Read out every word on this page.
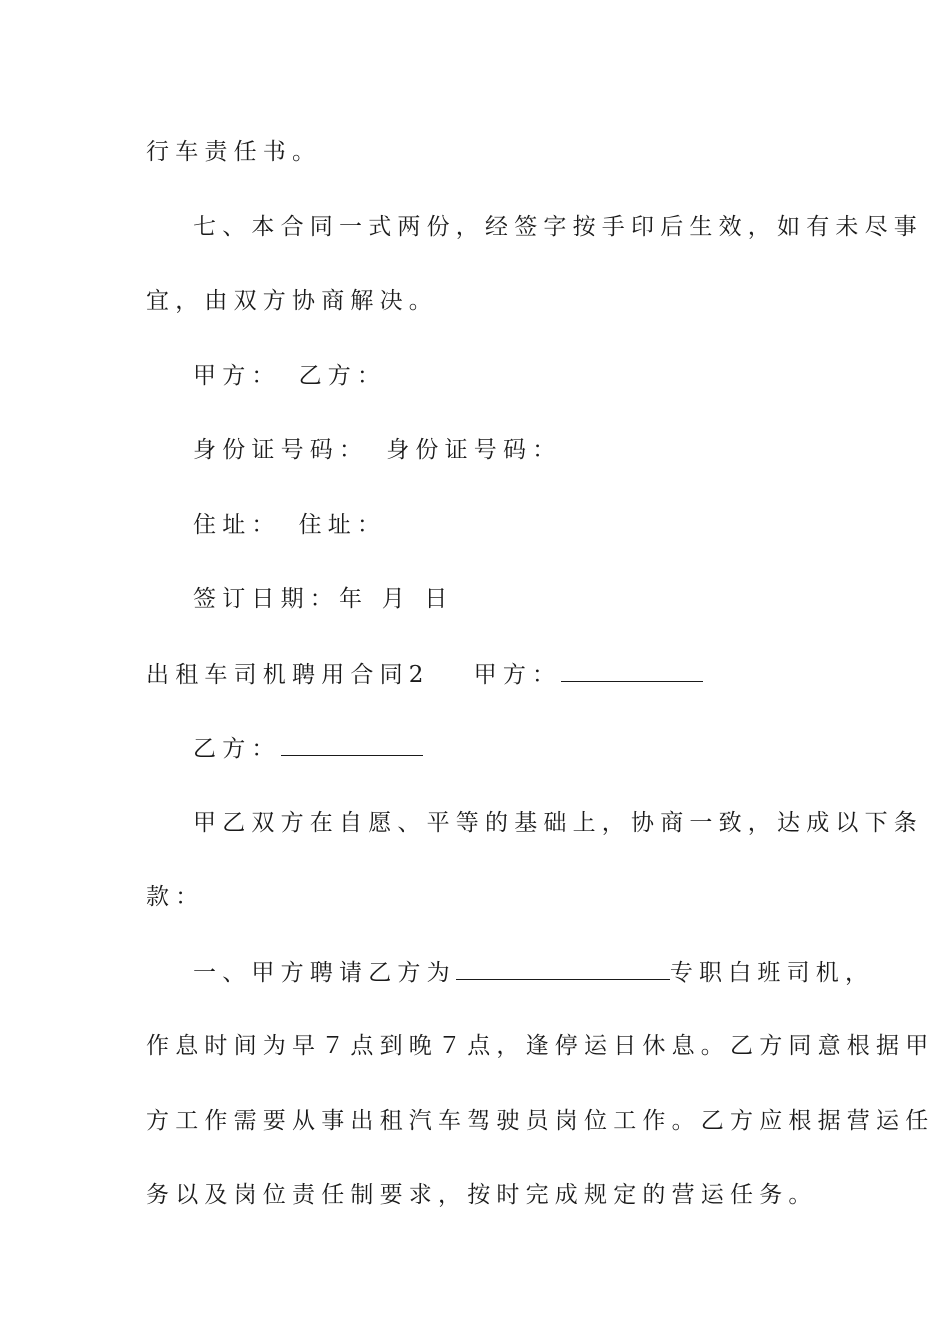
行车责任书。
七、本合同一式两份，经签字按手印后生效，如有未尽事
宜，由双方协商解决。
甲方： 乙方：
身份证号码： 身份证号码：
住址： 住址：
签订日期：年 月 日
出租车司机聘用合同2 甲方：
乙方：
甲乙双方在自愿、平等的基础上，协商一致，达成以下条
款：
一、甲方聘请乙方为	专职白班司机，
作息时间为早７点到晚７点，逢停运日休息。乙方同意根据甲
方工作需要从事出租汽车驾驶员岗位工作。乙方应根据营运任
务以及岗位责任制要求，按时完成规定的营运任务。
